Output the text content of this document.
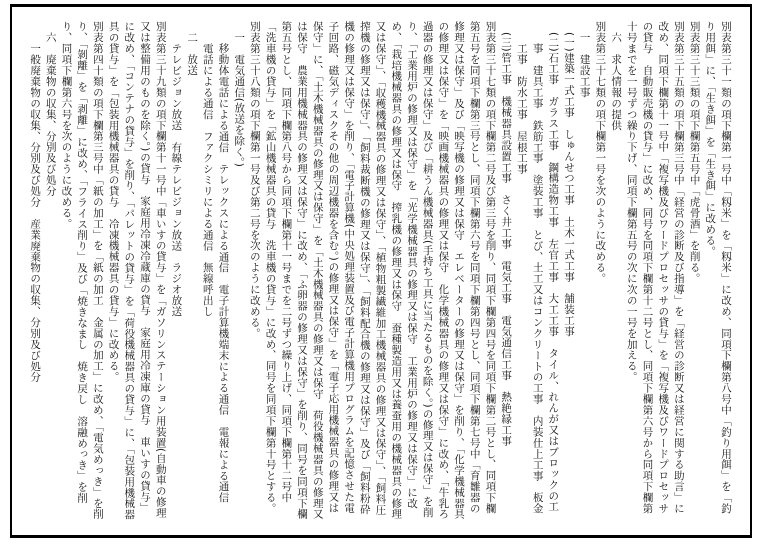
別表第三十一類の項下欄第一号中「籾米」を「籾米」に改め、同項下欄第八号中「釣り用餌」を「釣り用餌」に、「生き餌」を「生き餌」に改める。

別表第三十三類の項下欄第五号中「虎骨酒」を削る。

別表第三十五類の項下欄第三号中「経営の診断及び指導」を「経営の診断又は経営に関する助言」に改め、同項下欄第十一号中「複写機及びワードプロセッサの貸与」を「複写機及びワードプロセッサの貸与　自動販売機の貸与」に改め、同号を同項下欄第十二号とし、同項下欄第六号から同項下欄第十号までを一号ずつ繰り下げ、同項下欄第五号の次に次の一号を加える。

六　求人情報の提供

別表第三十七類の項下欄第一号を次のように改める。

一　建設工事

(一)建築一式工事　しゅんせつ工事　土木一式工事　舗装工事

(二)石工事　ガラス工事　鋼構造物工事　左官工事　大工工事　タイル、れんが又はブロックの工事　建具工事　鉄筋工事　塗装工事　とび、土工又はコンクリートの工事　内装仕上工事　板金工事　防水工事　屋根工事

(三)管工事　機械器具設置工事　さく井工事　電気工事　電気通信工事　熱絶縁工事

別表第三十七類の項下欄第二号及び第三号を削り、同項下欄第四号を同項下欄第二号とし、同項下欄第五号を同項下欄第三号とし、同項下欄第六号を同項下欄第四号とし、同項下欄第七号中「育雛器の修理又は保守」及び「映写機の修理又は保守　エレベーターの修理又は保守」を削り、「化学機械器具の修理又は保守」を「映画機械器具の修理又は保守　化学機械器具の修理又は保守」に改め、「牛乳ろ過器の修理又は保守」及び「耕うん機械器具(手持ち工具に当たるものを除く。)の修理又は保守」を削り、「工業用炉の修理又は保守」を「光学機械器具の修理又は保守　工業用炉の修理又は保守」に改め、「栽培機械器具の修理又は保守　搾乳機の修理又は保守　蚕種製造用又は養蚕用の機械器具の修理又は保守」、「収穫機械器具の修理又は保守」、「植物粗製繊維加工機械器具の修理又は保守」、「飼料圧搾機の修理又は保守」、「飼料裁断機の修理又は保守」、「飼料配合機の修理又は保守」及び「飼料粉砕機の修理又は保守」を削り、「電子計算機(中央処理装置及び電子計算機用プログラムを記憶させた電子回路、磁気ディスクその他の周辺機器を含む。)の修理又は保守」を「電子応用機械器具の修理又は保守」に、「土木機械器具の修理又は保守」を「土木機械器具の修理又は保守　荷役機械器具の修理又は保守　農業用機械器具の修理又は保守」に改め、「ふ卵器の修理又は保守」を削り、同号を同項下欄第五号とし、同項下欄第八号から同項下欄第十一号までを二号ずつ繰り上げ、同項下欄第十二号中「洗車機の貸与」を「鉱山機械器具の貸与　洗車機の貸与」に改め、同号を同項下欄第十号とする。

別表第三十八類の項下欄第一号及び第二号を次のように改める。

一　電気通信(放送を除く。)

移動体電話による通信　テレックスによる通信　電子計算機端末による通信　電報による通信　電話による通信　ファクシミリによる通信　無線呼出し

二　放送

テレビジョン放送　有線テレビジョン放送　ラジオ放送

別表第三十九類の項下欄第十一号中「車いすの貸与」を「ガソリンステーション用装置(自動車の修理又は整備用のものを除く。)の貸与　家庭用冷凍冷蔵庫の貸与　家庭用冷凍庫の貸与　車いすの貸与」に改め、「コンテナの貸与」を削り、「パレットの貸与」を「荷役機械器具の貸与」に、「包装用機械器具の貸与」を「包装用機械器具の貸与　冷凍機械器具の貸与」に改める。

別表第四十類の項下欄第三号中「紙の加工」を「紙の加工　金属の加工」に改め、「電気めっき」を削り、「剝離」を「剥離」に改め、「フライス削り」及び「焼きなまし　焼き戻し　溶融めっき」を削り、同項下欄第六号を次のように改める。

六　廃棄物の収集、分別及び処分

一般廃棄物の収集、分別及び処分　産業廃棄物の収集、分別及び処分
